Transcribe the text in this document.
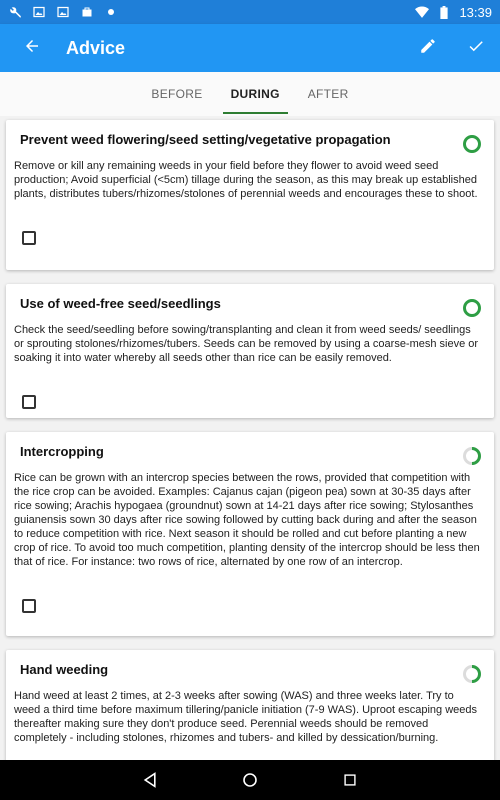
13:39
Advice
BEFORE	DURING	AFTER
Prevent weed flowering/seed setting/vegetative propagation
Remove or kill any remaining weeds in your field before they flower to avoid weed seed production; Avoid superficial (<5cm) tillage during the season, as this may break up established plants, distributes tubers/rhizomes/stolones of perennial weeds and encourages these to shoot.
Use of weed-free seed/seedlings
Check the seed/seedling before sowing/transplanting and clean it from weed seeds/ seedlings or sprouting stolones/rhizomes/tubers. Seeds can be removed by using a coarse-mesh sieve or soaking it into water whereby all seeds other than rice can be easily removed.
Intercropping
Rice can be grown with an intercrop species between the rows, provided that competition with the rice crop can be avoided. Examples: Cajanus cajan (pigeon pea) sown at 30-35 days after rice sowing; Arachis hypogaea (groundnut) sown at 14-21 days after rice sowing; Stylosanthes guianensis sown 30 days after rice sowing followed by cutting back during and after the season to reduce competition with rice. Next season it should be rolled and cut before planting a new crop of rice. To avoid too much competition, planting density of the intercrop should be less then that of rice. For instance: two rows of rice, alternated by one row of an intercrop.
Hand weeding
Hand weed at least 2 times, at 2-3 weeks after sowing (WAS) and three weeks later. Try to weed a third time before maximum tillering/panicle initiation (7-9 WAS). Uproot escaping weeds thereafter making sure they don't produce seed. Perennial weeds should be removed completely - including stolones, rhizomes and tubers- and killed by dessication/burning.
